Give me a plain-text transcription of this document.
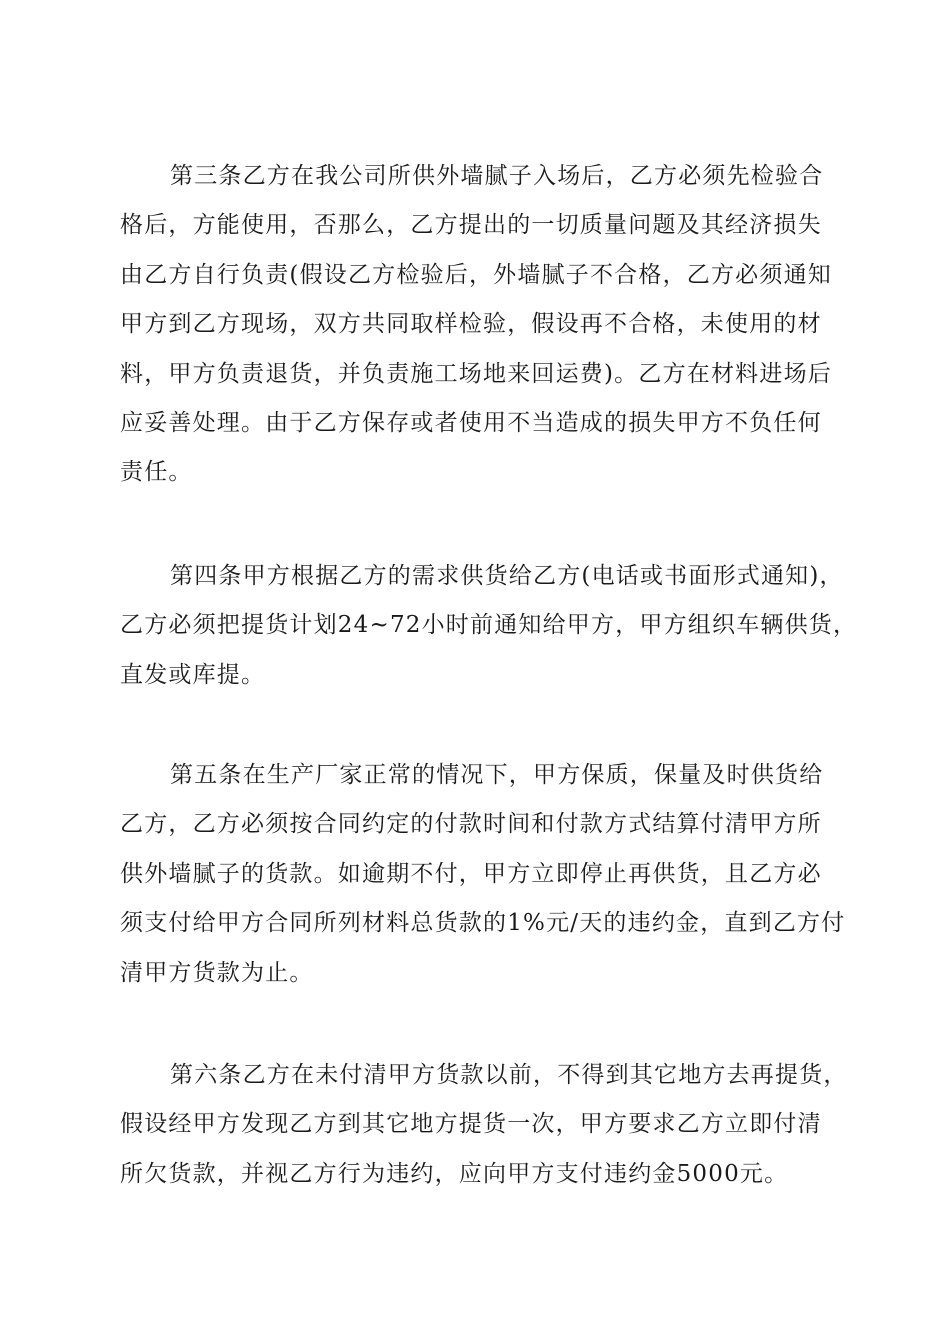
第三条乙方在我公司所供外墙腻子入场后，乙方必须先检验合
格后，方能使用，否那么，乙方提出的一切质量问题及其经济损失
由乙方自行负责(假设乙方检验后，外墙腻子不合格，乙方必须通知
甲方到乙方现场，双方共同取样检验，假设再不合格，未使用的材
料，甲方负责退货，并负责施工场地来回运费)。乙方在材料进场后
应妥善处理。由于乙方保存或者使用不当造成的损失甲方不负任何
责任。
第四条甲方根据乙方的需求供货给乙方(电话或书面形式通知)，
乙方必须把提货计划24~72小时前通知给甲方，甲方组织车辆供货，
直发或库提。
第五条在生产厂家正常的情况下，甲方保质，保量及时供货给
乙方，乙方必须按合同约定的付款时间和付款方式结算付清甲方所
供外墙腻子的货款。如逾期不付，甲方立即停止再供货，且乙方必
须支付给甲方合同所列材料总货款的1%元/天的违约金，直到乙方付
清甲方货款为止。
第六条乙方在未付清甲方货款以前，不得到其它地方去再提货，
假设经甲方发现乙方到其它地方提货一次，甲方要求乙方立即付清
所欠货款，并视乙方行为违约，应向甲方支付违约金5000元。
